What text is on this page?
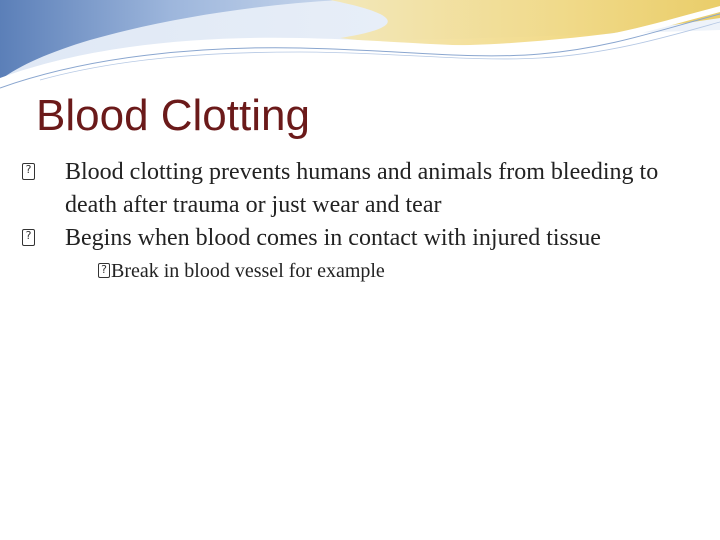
Blood Clotting

?
Blood clotting prevents humans and animals from bleeding to death after trauma or just wear and tear

?
Begins when blood comes in contact with injured tissue

?
Break in blood vessel for example
